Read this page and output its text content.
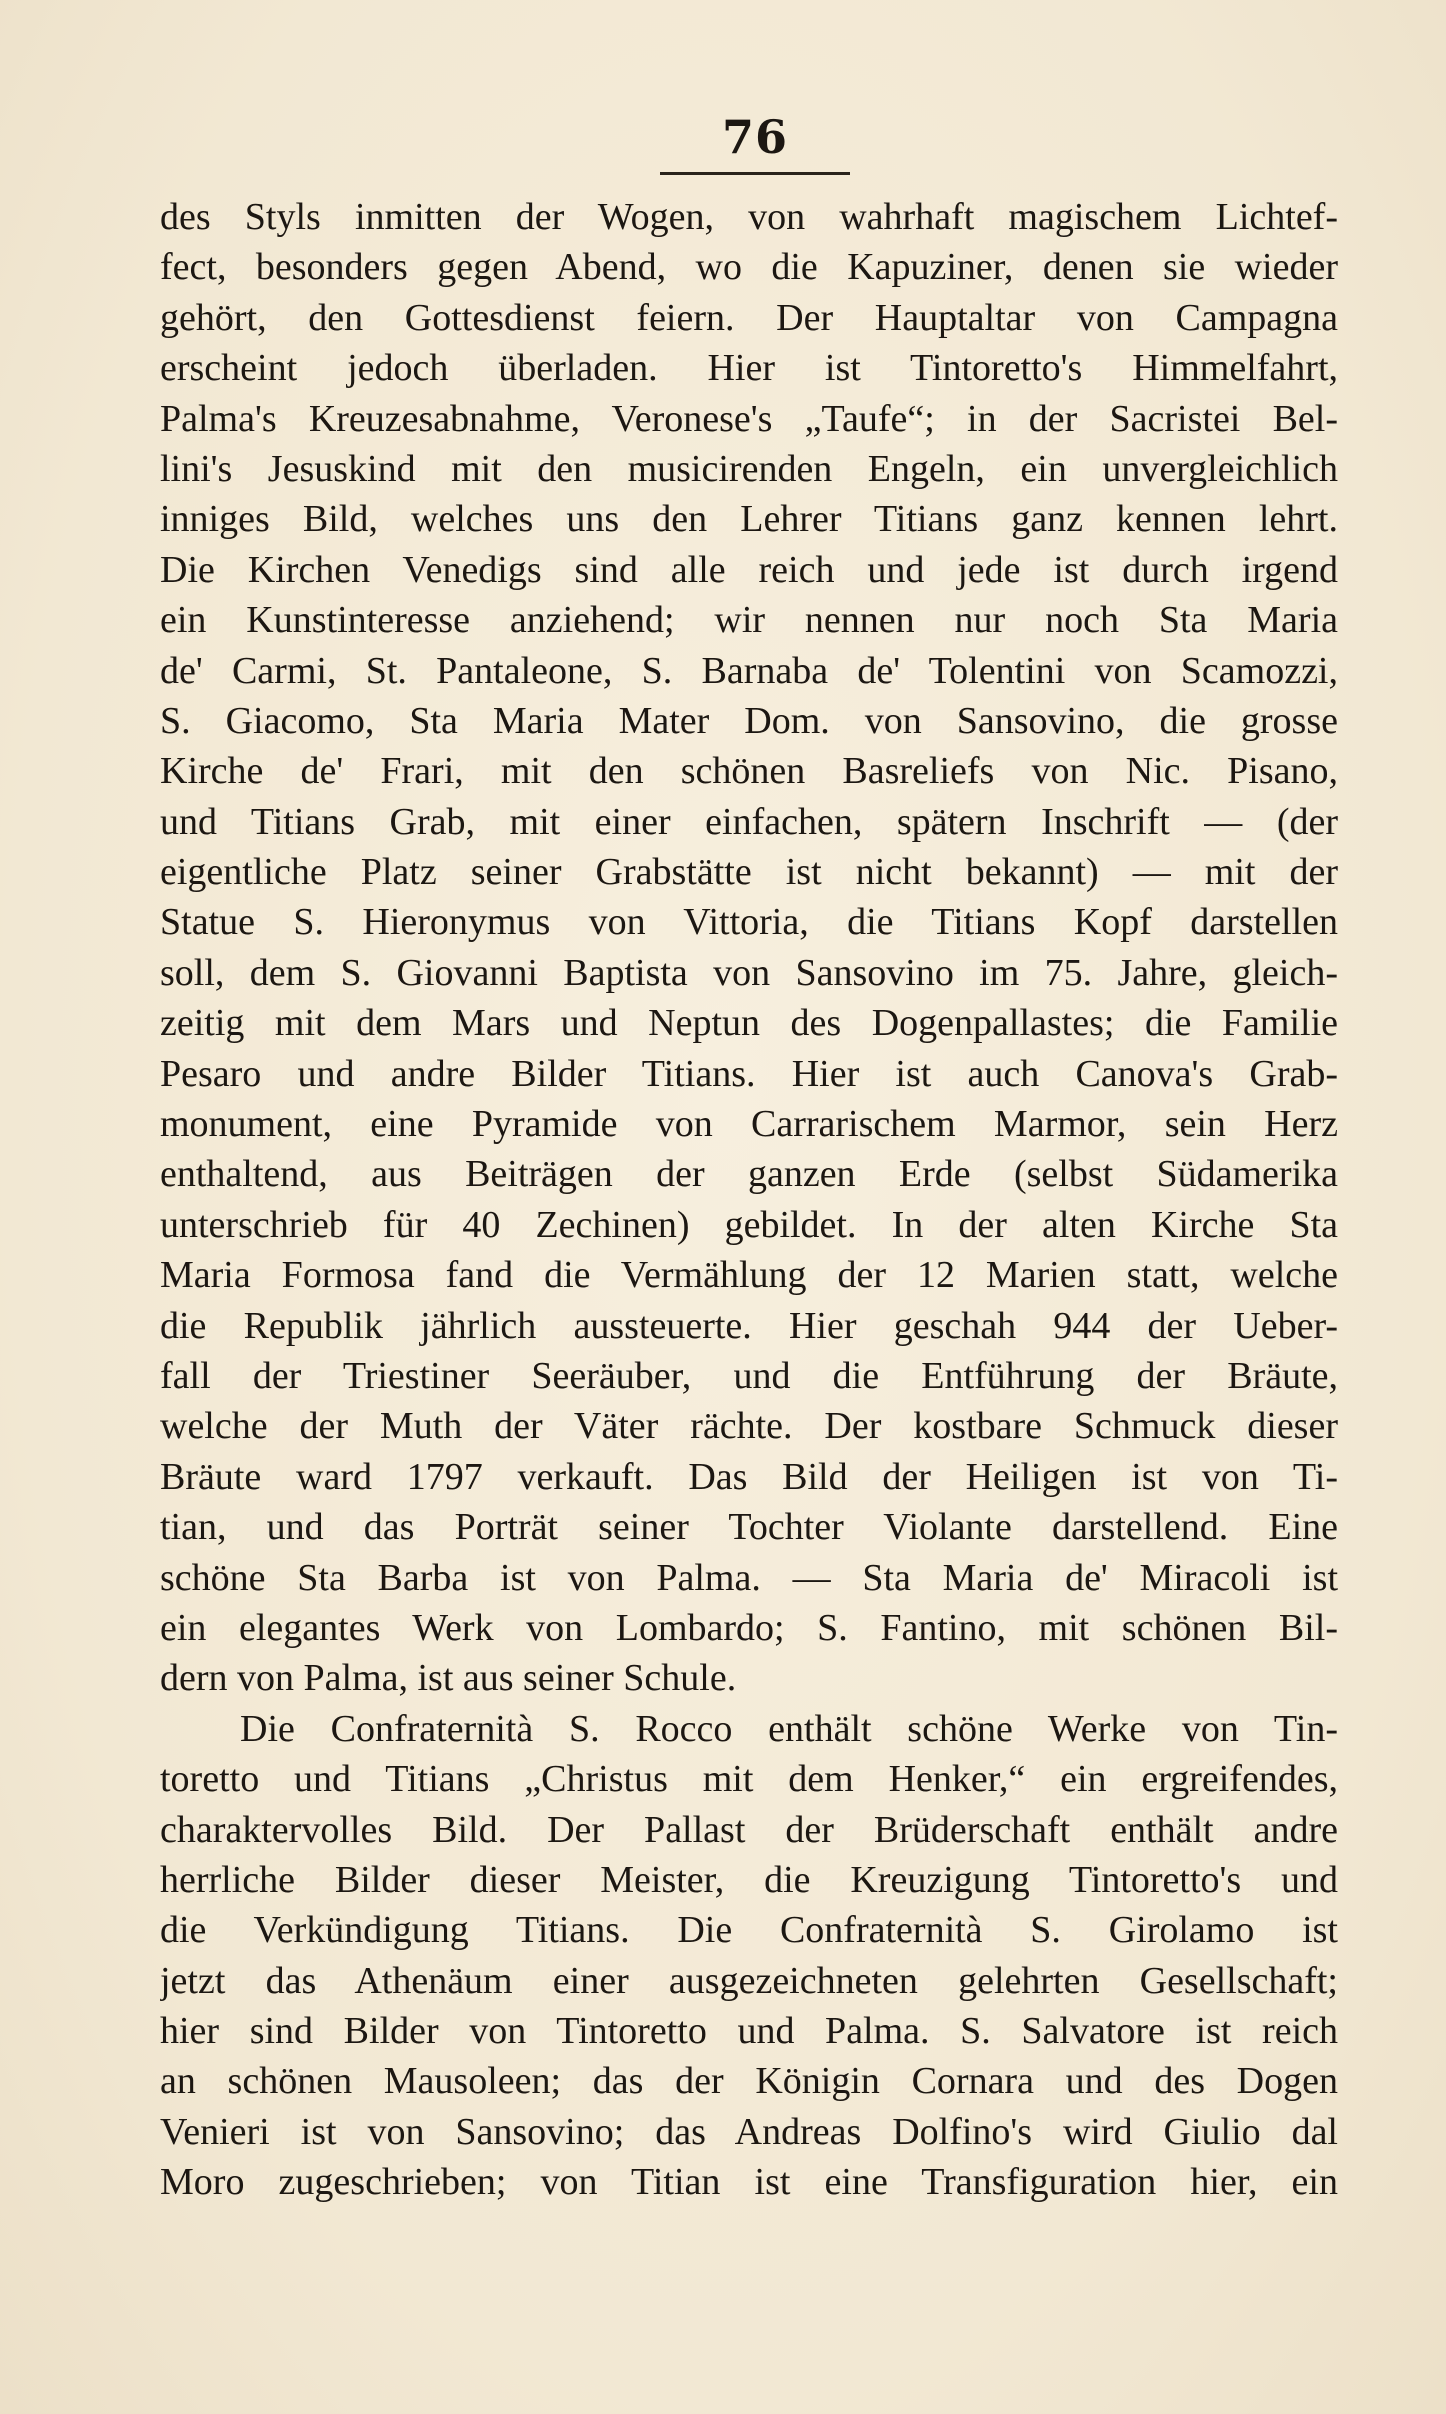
76
des Styls inmitten der Wogen, von wahrhaft magischem Lichtef-
fect, besonders gegen Abend, wo die Kapuziner, denen sie wieder
gehört, den Gottesdienst feiern. Der Hauptaltar von Campagna
erscheint jedoch überladen. Hier ist Tintoretto's Himmelfahrt,
Palma's Kreuzesabnahme, Veronese's „Taufe“; in der Sacristei Bel-
lini's Jesuskind mit den musicirenden Engeln, ein unvergleichlich
inniges Bild, welches uns den Lehrer Titians ganz kennen lehrt.
Die Kirchen Venedigs sind alle reich und jede ist durch irgend
ein Kunstinteresse anziehend; wir nennen nur noch Sta Maria
de' Carmi, St. Pantaleone, S. Barnaba de' Tolentini von Scamozzi,
S. Giacomo, Sta Maria Mater Dom. von Sansovino, die grosse
Kirche de' Frari, mit den schönen Basreliefs von Nic. Pisano,
und Titians Grab, mit einer einfachen, spätern Inschrift — (der
eigentliche Platz seiner Grabstätte ist nicht bekannt) — mit der
Statue S. Hieronymus von Vittoria, die Titians Kopf darstellen
soll, dem S. Giovanni Baptista von Sansovino im 75. Jahre, gleich-
zeitig mit dem Mars und Neptun des Dogenpallastes; die Familie
Pesaro und andre Bilder Titians. Hier ist auch Canova's Grab-
monument, eine Pyramide von Carrarischem Marmor, sein Herz
enthaltend, aus Beiträgen der ganzen Erde (selbst Südamerika
unterschrieb für 40 Zechinen) gebildet. In der alten Kirche Sta
Maria Formosa fand die Vermählung der 12 Marien statt, welche
die Republik jährlich aussteuerte. Hier geschah 944 der Ueber-
fall der Triestiner Seeräuber, und die Entführung der Bräute,
welche der Muth der Väter rächte. Der kostbare Schmuck dieser
Bräute ward 1797 verkauft. Das Bild der Heiligen ist von Ti-
tian, und das Porträt seiner Tochter Violante darstellend. Eine
schöne Sta Barba ist von Palma. — Sta Maria de' Miracoli ist
ein elegantes Werk von Lombardo; S. Fantino, mit schönen Bil-
dern von Palma, ist aus seiner Schule.
Die Confraternità S. Rocco enthält schöne Werke von Tin-
toretto und Titians „Christus mit dem Henker,“ ein ergreifendes,
charaktervolles Bild. Der Pallast der Brüderschaft enthält andre
herrliche Bilder dieser Meister, die Kreuzigung Tintoretto's und
die Verkündigung Titians. Die Confraternità S. Girolamo ist
jetzt das Athenäum einer ausgezeichneten gelehrten Gesellschaft;
hier sind Bilder von Tintoretto und Palma. S. Salvatore ist reich
an schönen Mausoleen; das der Königin Cornara und des Dogen
Venieri ist von Sansovino; das Andreas Dolfino's wird Giulio dal
Moro zugeschrieben; von Titian ist eine Transfiguration hier, ein
